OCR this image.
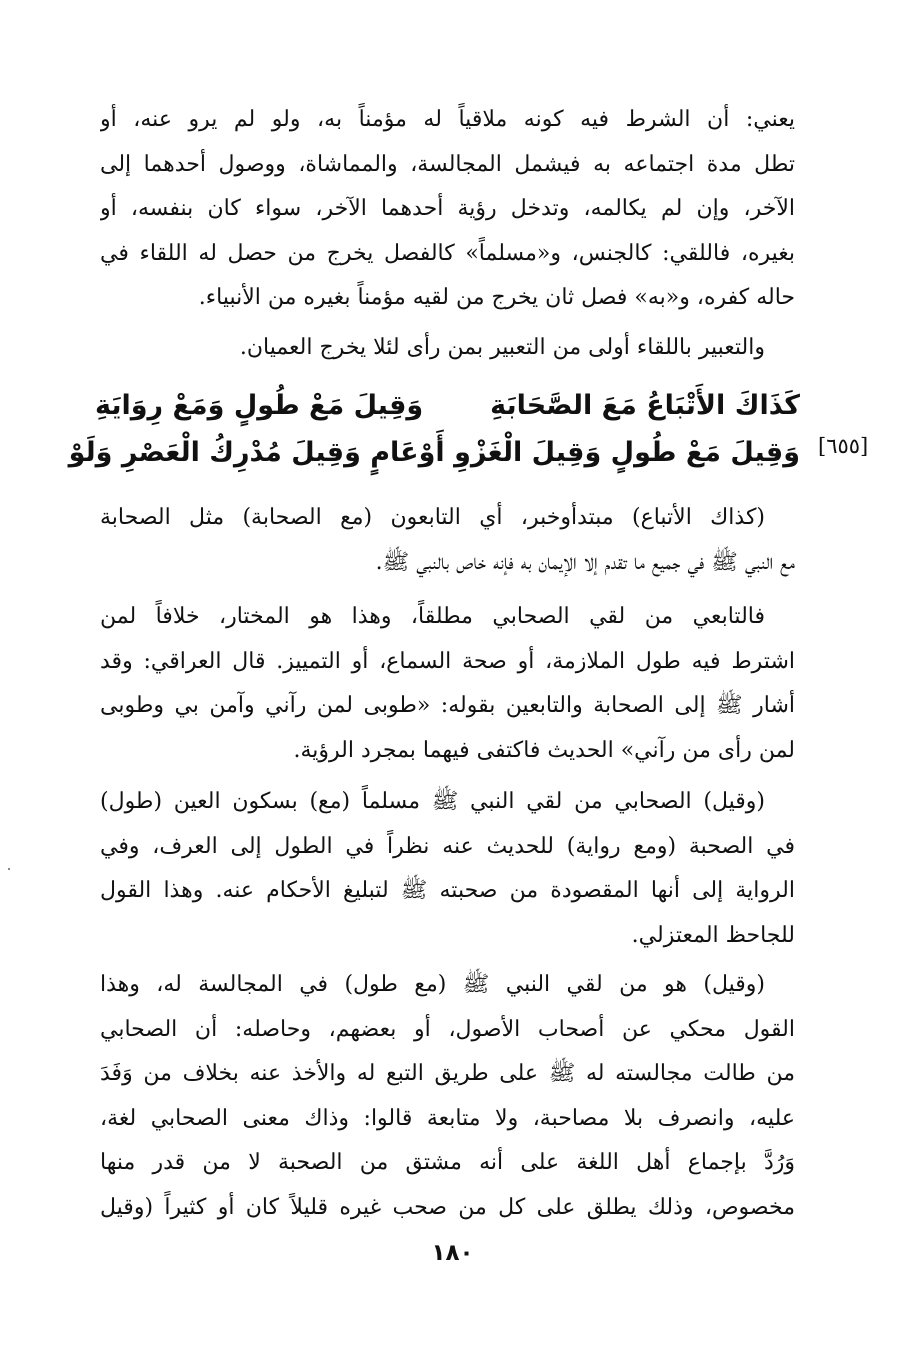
يعني: أن الشرط فيه كونه ملاقياً له مؤمناً به، ولو لم يرو عنه، أو
تطل مدة اجتماعه به فيشمل المجالسة، والمماشاة، ووصول أحدهما إلى
الآخر، وإن لم يكالمه، وتدخل رؤية أحدهما الآخر، سواء كان بنفسه، أو
بغيره، فاللقي: كالجنس، و«مسلماً» كالفصل يخرج من حصل له اللقاء في
حاله كفره، و«به» فصل ثان يخرج من لقيه مؤمناً بغيره من الأنبياء.
والتعبير باللقاء أولى من التعبير بمن رأى لئلا يخرج العميان.
كَذَاكَ الأَتْبَاعُ مَعَ الصَّحَابَةِ
وَقِيلَ مَعْ طُولٍ وَمَعْ رِوَايَةِ
وَقِيلَ مَعْ طُولٍ وَقِيلَ الْغَزْوِ أَوْ
عَامٍ وَقِيلَ مُدْرِكُ الْعَصْرِ وَلَوْ	[٦٥٥]
(كذاك الأتباع) مبتدأوخبر، أي التابعون (مع الصحابة) مثل الصحابة
مع النبي ﷺ في جميع ما تقدم إلا الإيمان به فإنه خاص بالنبي ﷺ.
فالتابعي من لقي الصحابي مطلقاً، وهذا هو المختار، خلافاً لمن
اشترط فيه طول الملازمة، أو صحة السماع، أو التمييز. قال العراقي: وقد
أشار ﷺ إلى الصحابة والتابعين بقوله: «طوبى لمن رآني وآمن بي وطوبى
لمن رأى من رآني» الحديث فاكتفى فيهما بمجرد الرؤية.
(وقيل) الصحابي من لقي النبي ﷺ مسلماً (مع) بسكون العين (طول)
في الصحبة (ومع رواية) للحديث عنه نظراً في الطول إلى العرف، وفي
الرواية إلى أنها المقصودة من صحبته ﷺ لتبليغ الأحكام عنه. وهذا القول
للجاحظ المعتزلي.
(وقيل) هو من لقي النبي ﷺ (مع طول) في المجالسة له، وهذا
القول محكي عن أصحاب الأصول، أو بعضهم، وحاصله: أن الصحابي
من طالت مجالسته له ﷺ على طريق التبع له والأخذ عنه بخلاف من وَفَدَ
عليه، وانصرف بلا مصاحبة، ولا متابعة قالوا: وذاك معنى الصحابي لغة،
وَرُدَّ بإجماع أهل اللغة على أنه مشتق من الصحبة لا من قدر منها
مخصوص، وذلك يطلق على كل من صحب غيره قليلاً كان أو كثيراً (وقيل
١٨٠
